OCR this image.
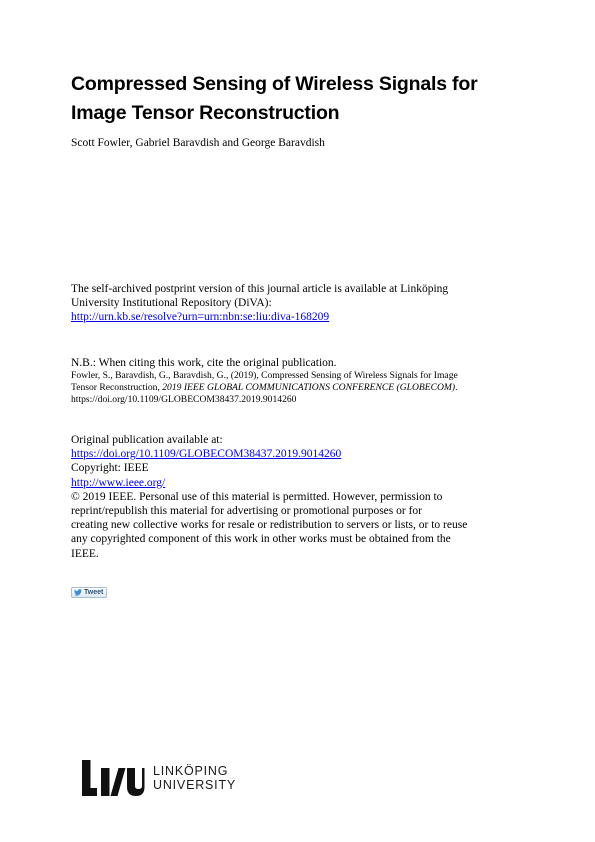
Compressed Sensing of Wireless Signals for
Image Tensor Reconstruction
Scott Fowler, Gabriel Baravdish and George Baravdish
The self-archived postprint version of this journal article is available at Linköping
University Institutional Repository (DiVA):
http://urn.kb.se/resolve?urn=urn:nbn:se:liu:diva-168209
N.B.: When citing this work, cite the original publication.
Fowler, S., Baravdish, G., Baravdish, G., (2019), Compressed Sensing of Wireless Signals for Image
Tensor Reconstruction, 2019 IEEE GLOBAL COMMUNICATIONS CONFERENCE (GLOBECOM).
https://doi.org/10.1109/GLOBECOM38437.2019.9014260
Original publication available at:
https://doi.org/10.1109/GLOBECOM38437.2019.9014260
Copyright: IEEE
http://www.ieee.org/
© 2019 IEEE. Personal use of this material is permitted. However, permission to
reprint/republish this material for advertising or promotional purposes or for
creating new collective works for resale or redistribution to servers or lists, or to reuse
any copyrighted component of this work in other works must be obtained from the
IEEE.
Tweet
LINKÖPING
UNIVERSITY
